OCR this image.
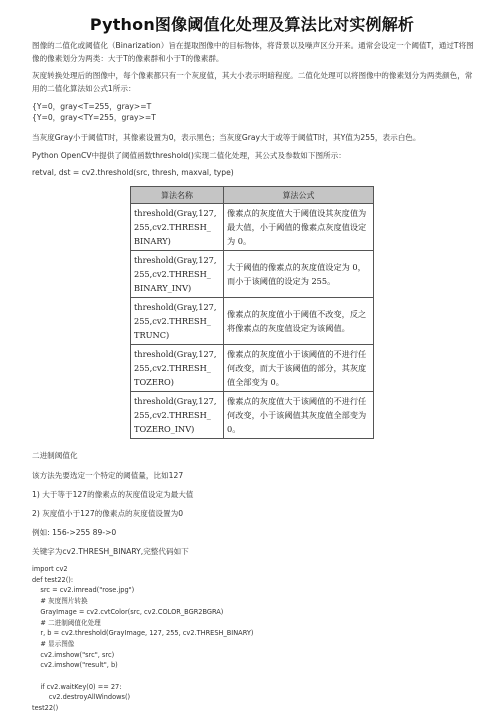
Python图像阈值化处理及算法比对实例解析

图像的二值化或阈值化（Binarization）旨在提取图像中的目标物体，将背景以及噪声区分开来。通常会设定一个阈值T，通过T将图像的像素划分为两类：大于T的像素群和小于T的像素群。

灰度转换处理后的图像中，每个像素都只有一个灰度值，其大小表示明暗程度。二值化处理可以将图像中的像素划分为两类颜色，常用的二值化算法如公式1所示：

{Y=0，gray<T=255，gray>=T

{Y=0，gray<TY=255，gray>=T

当灰度Gray小于阈值T时，其像素设置为0，表示黑色；当灰度Gray大于或等于阈值T时，其Y值为255，表示白色。

Python OpenCV中提供了阈值函数threshold()实现二值化处理，其公式及参数如下图所示：

retval, dst = cv2.threshold(src, thresh, maxval, type)

算法名称	算法公式
threshold(Gray,127,
255,cv2.THRESH_
BINARY)	像素点的灰度值大于阈值设其灰度值为最大值，小于阈值的像素点灰度值设定为 0。
threshold(Gray,127,
255,cv2.THRESH_
BINARY_INV)	大于阈值的像素点的灰度值设定为 0，而小于该阈值的设定为 255。
threshold(Gray,127,
255,cv2.THRESH_
TRUNC)	像素点的灰度值小于阈值不改变，反之将像素点的灰度值设定为该阈值。
threshold(Gray,127,
255,cv2.THRESH_
TOZERO)	像素点的灰度值小于该阈值的不进行任何改变，而大于该阈值的部分，其灰度值全部变为 0。
threshold(Gray,127,
255,cv2.THRESH_
TOZERO_INV)	像素点的灰度值大于该阈值的不进行任何改变，小于该阈值其灰度值全部变为 0。

二进制阈值化

该方法先要选定一个特定的阈值量，比如127

1) 大于等于127的像素点的灰度值设定为最大值

2) 灰度值小于127的像素点的灰度值设置为0

例如: 156->255 89->0

关键字为cv2.THRESH_BINARY,完整代码如下

import cv2
def test22():
src = cv2.imread("rose.jpg")
# 灰度图片转换
GrayImage = cv2.cvtColor(src, cv2.COLOR_BGR2BGRA)
# 二进制阈值化处理
r, b = cv2.threshold(GrayImage, 127, 255, cv2.THRESH_BINARY)
# 显示图像
cv2.imshow("src", src)
cv2.imshow("result", b)

if cv2.waitKey(0) == 27:
cv2.destroyAllWindows()
test22()
